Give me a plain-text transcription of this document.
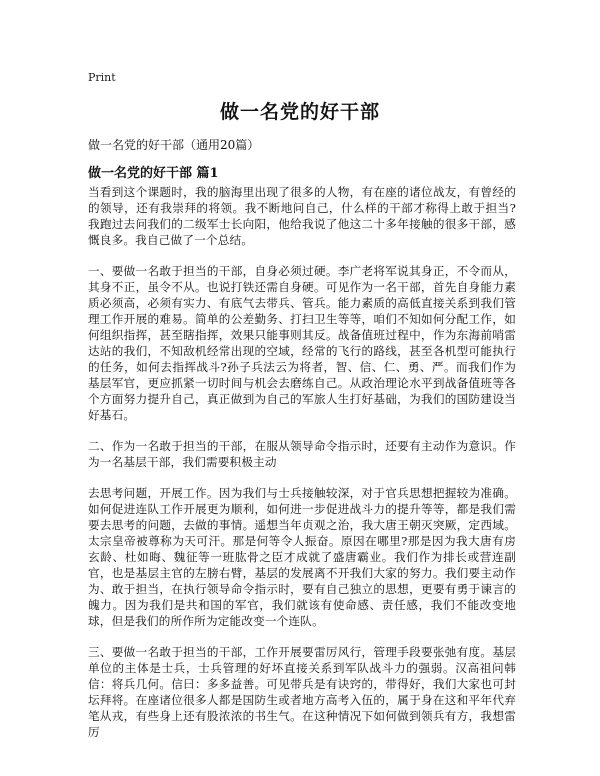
Print
做一名党的好干部
做一名党的好干部（通用20篇）
做一名党的好干部 篇1

当看到这个课题时，我的脑海里出现了很多的人物，有在座的诸位战友，有曾经的的领导，还有我崇拜的将领。我不断地问自己，什么样的干部才称得上敢于担当?我跑过去问我们的二级军士长向阳，他给我说了他这二十多年接触的很多干部，感慨良多。我自己做了一个总结。

一、要做一名敢于担当的干部，自身必须过硬。李广老将军说其身正，不令而从，其身不正，虽令不从。也说打铁还需自身硬。可见作为一名干部，首先自身能力素质必须高，必须有实力、有底气去带兵、管兵。能力素质的高低直接关系到我们管理工作开展的难易。简单的公差勤务、打扫卫生等等，咱们不知如何分配工作，如何组织指挥，甚至瞎指挥，效果只能事则其反。战备值班过程中，作为东海前哨雷达站的我们，不知敌机经常出现的空域，经常的飞行的路线，甚至各机型可能执行的任务，如何去指挥战斗?孙子兵法云为将者，智、信、仁、勇、严。而我们作为基层军官，更应抓紧一切时间与机会去磨练自己。从政治理论水平到战备值班等各个方面努力提升自己，真正做到为自己的军旅人生打好基础，为我们的国防建设当好基石。

二、作为一名敢于担当的干部，在服从领导命令指示时，还要有主动作为意识。作为一名基层干部，我们需要积极主动

去思考问题，开展工作。因为我们与士兵接触较深，对于官兵思想把握较为准确。如何促进连队工作开展更为顺利，如何进一步促进战斗力的提升等等，都是我们需要去思考的问题，去做的事情。遥想当年贞观之治，我大唐王朝灭突厥，定西域。太宗皇帝被尊称为天可汗。那是何等令人振奋。原因在哪里?那是因为我大唐有房玄龄、杜如晦、魏征等一班肱骨之臣才成就了盛唐霸业。我们作为排长或营连副官，也是基层主官的左膀右臂，基层的发展离不开我们大家的努力。我们要主动作为、敢于担当，在执行领导命令指示时，要有自己独立的思想，更要有勇于谏言的魄力。因为我们是共和国的军官，我们就该有使命感、责任感，我们不能改变地球，但是我们的所作所为定能改变一个连队。

三、要做一名敢于担当的干部，工作开展要雷厉风行，管理手段要张弛有度。基层单位的主体是士兵，士兵管理的好坏直接关系到军队战斗力的强弱。汉高祖问韩信：将兵几何。信曰：多多益善。可见带兵是有诀窍的，带得好，我们大家也可封坛拜将。在座诸位很多人都是国防生或者地方高考入伍的，属于身在这和平年代弃笔从戎，有些身上还有股浓浓的书生气。在这种情况下如何做到领兵有方，我想雷厉
